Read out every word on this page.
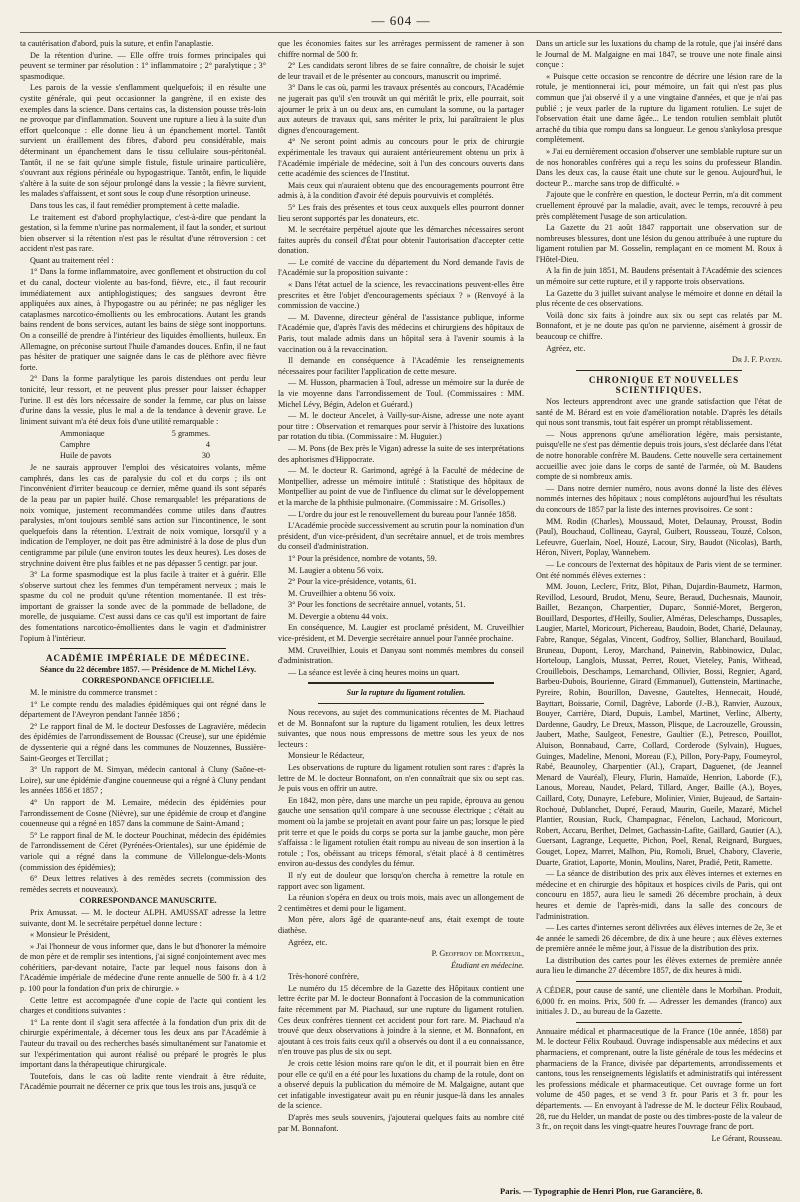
— 604 —

ta cautérisation d'abord, puis la suture, et enfin l'anaplastie.

De la rétention d'urine. — Elle offre trois formes principales qui peuvent se terminer par résolution : 1° inflammatoire ; 2° paralytique ; 3° spasmodique.

Les parois de la vessie s'enflamment quelquefois; il en résulte une cystite générale, qui peut occasionner la gangrène, il en existe des exemples dans la science. Dans certains cas, la distension pousse très-loin ne provoque par d'inflammation. Souvent une rupture a lieu à la suite d'un effort quelconque : elle donne lieu à un épanchement mortel. Tantôt survient un éraillement des fibres, d'abord peu considérable, mais déterminant un épanchement dans le tissu cellulaire sous-péritonéal. Tantôt, il ne se fait qu'une simple fistule, fistule urinaire particulière, s'ouvrant aux régions périnéale ou hypogastrique. Tantôt, enfin, le liquide s'altère à la suite de son séjour prolongé dans la vessie ; la fièvre survient, les malades s'affaissent, et sont sous le coup d'une résorption urineuse.

Dans tous les cas, il faut remédier promptement à cette maladie.

Le traitement est d'abord prophylactique, c'est-à-dire que pendant la gestation, si la femme n'urine pas normalement, il faut la sonder, et surtout bien observer si la rétention n'est pas le résultat d'une rétroversion : cet accident n'est pas rare.

Quant au traitement réel :

1° Dans la forme inflammatoire, avec gonflement et obstruction du col et du canal, docteur violente au bas-fond, fièvre, etc., il faut recourir immédiatement aux antiphlogistiques; des sangsues devront être appliquées aux aines, à l'hypogastre ou au périnée; ne pas négliger les cataplasmes narcotico-émollients ou les embrocations. Autant les grands bains rendent de bons services, autant les bains de siège sont inopportuns. On a conseillé de prendre à l'intérieur des liquides émollients, huileux. En Allemagne, on préconise surtout l'huile d'amandes douces. Enfin, il ne faut pas hésiter de pratiquer une saignée dans le cas de pléthore avec fièvre forte.

2° Dans la forme paralytique les parois distendues ont perdu leur tonicité, leur ressort, et ne peuvent plus presser pour laisser échapper l'urine. Il est dès lors nécessaire de sonder la femme, car plus on laisse d'urine dans la vessie, plus le mal a de la tendance à devenir grave. Le liniment suivant m'a été deux fois d'une utilité remarquable :

Ammoniaque	5 grammes.
Camphre	4
Huile de pavots	30

Je ne saurais approuver l'emploi des vésicatoires volants, même camphrés, dans les cas de paralysie du col et du corps ; ils ont l'inconvénient d'irriter beaucoup ce dernier, même quand ils sont séparés de la peau par un papier huilé. Chose remarquable! les préparations de noix vomique, justement recommandées comme utiles dans d'autres paralysies, m'ont toujours semblé sans action sur l'incontinence, le sont quelquefois dans la rétention. L'extrait de noix vomique, lorsqu'il y a indication de l'employer, ne doit pas être administré à la dose de plus d'un centigramme par pilule (une environ toutes les deux heures). Les doses de strychnine doivent être plus faibles et ne pas dépasser 5 centigr. par jour.

3° La forme spasmodique est la plus facile à traiter et à guérir. Elle s'observe surtout chez les femmes d'un tempérament nerveux ; mais le spasme du col ne produit qu'une rétention momentanée. Il est très-important de graisser la sonde avec de la pommade de belladone, de morelle, de jusquiame. C'est aussi dans ce cas qu'il est important de faire des fomentations narcotico-émollientes dans le vagin et d'administrer l'opium à l'intérieur.

ACADÉMIE IMPÉRIALE DE MÉDECINE.

Séance du 22 décembre 1857. — Présidence de M. Michel Lévy.

CORRESPONDANCE OFFICIELLE.

M. le ministre du commerce transmet :

1° Le compte rendu des maladies épidémiques qui ont régné dans le département de l'Aveyron pendant l'année 1856 ;

2° Le rapport final de M. le docteur Desfosses de Lagravière, médecin des épidémies de l'arrondissement de Boussac (Creuse), sur une épidémie de dyssenterie qui a régné dans les communes de Nouzennes, Bussière-Saint-Georges et Tercillat ;

3° Un rapport de M. Simyan, médecin cantonal à Cluny (Saône-et-Loire), sur une épidémie d'angine couenneuse qui a régné à Cluny pendant les années 1856 et 1857 ;

4° Un rapport de M. Lemaire, médecin des épidémies pour l'arrondissement de Cosne (Nièvre), sur une épidémie de croup et d'angine couenneuse qui a régné en 1857 dans la commune de Saint-Amand ;

5° Le rapport final de M. le docteur Pouchinat, médecin des épidémies de l'arrondissement de Céret (Pyrénées-Orientales), sur une épidémie de variole qui a régné dans la commune de Villelongue-dels-Monts (commission des épidémies);

6° Deux lettres relatives à des remèdes secrets (commission des remèdes secrets et nouveaux).

CORRESPONDANCE MANUSCRITE.

Prix Amussat. — M. le docteur ALPH. AMUSSAT adresse la lettre suivante, dont M. le secrétaire perpétuel donne lecture :

« Monsieur le Président,

» J'ai l'honneur de vous informer que, dans le but d'honorer la mémoire de mon père et de remplir ses intentions, j'ai signé conjointement avec mes cohéritiers, par-devant notaire, l'acte par lequel nous faisons don à l'Académie impériale de médecine d'une rente annuelle de 500 fr. à 4 1/2 p. 100 pour la fondation d'un prix de chirurgie. »

Cette lettre est accompagnée d'une copie de l'acte qui contient les charges et conditions suivantes :

1° La rente dont il s'agit sera affectée à la fondation d'un prix dit de chirurgie expérimentale, à décerner tous les deux ans par l'Académie à l'auteur du travail ou des recherches basés simultanément sur l'anatomie et sur l'expérimentation qui auront réalisé ou préparé le progrès le plus important dans la thérapeutique chirurgicale.

Toutefois, dans le cas où ladite rente viendrait à être réduite, l'Académie pourrait ne décerner ce prix que tous les trois ans, jusqu'à ce

que les économies faites sur les arrérages permissent de ramener à son chiffre normal de 500 fr.

2° Les candidats seront libres de se faire connaître, de choisir le sujet de leur travail et de le présenter au concours, manuscrit ou imprimé.

3° Dans le cas où, parmi les travaux présentés au concours, l'Académie ne jugerait pas qu'il s'en trouvât un qui méritât le prix, elle pourrait, soit ajourner le prix à un ou deux ans, en cumulant la somme, ou la partager aux auteurs de travaux qui, sans mériter le prix, lui paraîtraient le plus dignes d'encouragement.

4° Ne seront point admis au concours pour le prix de chirurgie expérimentale les travaux qui auraient antérieurement obtenu un prix à l'Académie impériale de médecine, soit à l'un des concours ouverts dans cette académie des sciences de l'Institut.

Mais ceux qui n'auraient obtenu que des encouragements pourront être admis à, à la condition d'avoir été depuis pourvuivis et complétés.

5° Les frais des présentes et tous ceux auxquels elles pourront donner lieu seront supportés par les donateurs, etc.

M. le secrétaire perpétuel ajoute que les démarches nécessaires seront faites auprès du conseil d'État pour obtenir l'autorisation d'accepter cette donation.

— Le comité de vaccine du département du Nord demande l'avis de l'Académie sur la proposition suivante :

« Dans l'état actuel de la science, les revaccinations peuvent-elles être prescrites et être l'objet d'encouragements spéciaux ? » (Renvoyé à la commission de vaccine.)

— M. Davenne, directeur général de l'assistance publique, informe l'Académie que, d'après l'avis des médecins et chirurgiens des hôpitaux de Paris, tout malade admis dans un hôpital sera à l'avenir soumis à la vaccination ou à la revaccination.

Il demande en conséquence à l'Académie les renseignements nécessaires pour faciliter l'application de cette mesure.

— M. Husson, pharmacien à Toul, adresse un mémoire sur la durée de la vie moyenne dans l'arrondissement de Toul. (Commissaires : MM. Michel Lévy, Bégin, Adelon et Guérard.)

— M. le docteur Ancelet, à Vailly-sur-Aisne, adresse une note ayant pour titre : Observation et remarques pour servir à l'histoire des luxations par rotation du tibia. (Commissaire : M. Huguier.)

— M. Pons (de Bex près le Vigan) adresse la suite de ses interprétations des aphorismes d'Hippocrate.

— M. le docteur R. Garimond, agrégé à la Faculté de médecine de Montpellier, adresse un mémoire intitulé : Statistique des hôpitaux de Montpellier au point de vue de l'influence du climat sur le développement et la marche de la phthisie pulmonaire. (Commissaire : M. Grisolles.)

— L'ordre du jour est le renouvellement du bureau pour l'année 1858.

L'Académie procède successivement au scrutin pour la nomination d'un président, d'un vice-président, d'un secrétaire annuel, et de trois membres du conseil d'administration.

1° Pour la présidence, nombre de votants, 59.

M. Laugier a obtenu 56 voix.

2° Pour la vice-présidence, votants, 61.

M. Cruveilhier a obtenu 56 voix.

3° Pour les fonctions de secrétaire annuel, votants, 51.

M. Devergie a obtenu 44 voix.

En conséquence, M. Laugier est proclamé président, M. Cruveilhier vice-président, et M. Devergie secrétaire annuel pour l'année prochaine.

MM. Cruveilhier, Louis et Danyau sont nommés membres du conseil d'administration.

— La séance est levée à cinq heures moins un quart.

Sur la rupture du ligament rotulien.

Nous recevons, au sujet des communications récentes de M. Piachaud et de M. Bonnafont sur la rupture du ligament rotulien, les deux lettres suivantes, que nous nous empressons de mettre sous les yeux de nos lecteurs :

Monsieur le Rédacteur,

Les observations de rupture du ligament rotulien sont rares : d'après la lettre de M. le docteur Bonnafont, on n'en connaîtrait que six ou sept cas. Je puis vous en offrir un autre.

En 1842, mon père, dans une marche un peu rapide, éprouva au genou gauche une sensation qu'il compare à une secousse électrique ; c'était au moment où la jambe se projetait en avant pour faire un pas; lorsque le pied prit terre et que le poids du corps se porta sur la jambe gauche, mon père s'affaissa : le ligament rotulien était rompu au niveau de son insertion à la rotule ; l'os, obéissant au triceps fémoral, s'était placé à 8 centimètres environ au-dessus des condyles du fémur.

Il n'y eut de douleur que lorsqu'on chercha à remettre la rotule en rapport avec son ligament.

La réunion s'opéra en deux ou trois mois, mais avec un allongement de 2 centimètres et demi pour le ligament.

Mon père, alors âgé de quarante-neuf ans, était exempt de toute diathèse.

Agréez, etc.

P. Geoffroy de Montreuil,

Étudiant en médecine.

Très-honoré confrère,

Le numéro du 15 décembre de la Gazette des Hôpitaux contient une lettre écrite par M. le docteur Bonnafont à l'occasion de la communication faite récemment par M. Piachaud, sur une rupture du ligament rotulien. Ces deux confrères tiennent cet accident pour fort rare. M. Piachaud n'a trouvé que deux observations à joindre à la sienne, et M. Bonnafont, en ajoutant à ces trois faits ceux qu'il a observés ou dont il a eu connaissance, n'en trouve pas plus de six ou sept.

Je crois cette lésion moins rare qu'on le dit, et il pourrait bien en être pour elle ce qu'il en a été pour les luxations du champ de la rotule, dont on a observé depuis la publication du mémoire de M. Malgaigne, autant que cet infatigable investigateur avait pu en réunir jusque-là dans les annales de la science.

D'après mes seuls souvenirs, j'ajouterai quelques faits au nombre cité par M. Bonnafont.

Dans un article sur les luxations du champ de la rotule, que j'ai inséré dans le Journal de M. Malgaigne en mai 1847, se trouve une note finale ainsi conçue :

« Puisque cette occasion se rencontre de décrire une lésion rare de la rotule, je mentionnerai ici, pour mémoire, un fait qui n'est pas plus commun que j'ai observé il y a une vingtaine d'années, et que je n'ai pas publié ; je veux parler de la rupture du ligament rotulien. Le sujet de l'observation était une dame âgée... Le tendon rotulien semblait plutôt arraché du tibia que rompu dans sa longueur. Le genou s'ankylosa presque complètement.

» J'ai eu dernièrement occasion d'observer une semblable rupture sur un de nos honorables confrères qui a reçu les soins du professeur Blandin. Dans les deux cas, la cause était une chute sur le genou. Aujourd'hui, le docteur P... marche sans trop de difficulté. »

J'ajoute que le confrère en question, le docteur Perrin, m'a dit comment cruellement éprouvé par la maladie, avait, avec le temps, recouvré à peu près complètement l'usage de son articulation.

La Gazette du 21 août 1847 rapportait une observation sur de nombreuses blessures, dont une lésion du genou attribuée à une rupture du ligament rotulien par M. Gosselin, remplaçant en ce moment M. Roux à l'Hôtel-Dieu.

A la fin de juin 1851, M. Baudens présentait à l'Académie des sciences un mémoire sur cette rupture, et il y rapporte trois observations.

La Gazette du 3 juillet suivant analyse le mémoire et donne en détail la plus récente de ces observations.

Voilà donc six faits à joindre aux six ou sept cas relatés par M. Bonnafont, et je ne doute pas qu'on ne parvienne, aisément à grossir de beaucoup ce chiffre.

Agréez, etc.

Dr J. F. Payen.

CHRONIQUE ET NOUVELLES SCIENTIFIQUES.

Nos lecteurs apprendront avec une grande satisfaction que l'état de santé de M. Bérard est en voie d'amélioration notable. D'après les détails qui nous sont transmis, tout fait espérer un prompt rétablissement.

— Nous apprenons qu'une amélioration légère, mais persistante, puisqu'elle ne s'est pas démentie depuis trois jours, s'est déclarée dans l'état de notre honorable confrère M. Baudens. Cette nouvelle sera certainement accueillie avec joie dans le corps de santé de l'armée, où M. Baudens compte de si nombreux amis.

— Dans notre dernier numéro, nous avons donné la liste des élèves nommés internes des hôpitaux ; nous complétons aujourd'hui les résultats du concours de 1857 par la liste des internes provisoires. Ce sont :

MM. Rodin (Charles), Moussaud, Motet, Delaunay, Prousst, Bodin (Paul), Bouchaud, Collineau, Gayral, Guibert, Rousseau, Touzé, Colson, Lefeuvre, Guerlain, Noel, Houzé, Lacour, Siry, Baudot (Nicolas), Barth, Héron, Nivert, Poplay, Wannebem.

— Le concours de l'externat des hôpitaux de Paris vient de se terminer. Ont été nommés élèves externes :

MM. Jouon, Leclerc, Fritz, Blot, Pihan, Dujardin-Baumetz, Harmon, Revillod, Lesourd, Brudot, Menu, Seure, Beraud, Duchesnais, Maunoir, Baillet, Bezançon, Charpentier, Duparc, Sonnié-Moret, Bergeron, Bouillard, Desportes, d'Heilly, Soulier, Alméras, Deleschamps, Dussaples, Laugier, Martel, Moricourt, Pichereau, Baudoin, Bodet, Charié, Delaunay, Fabre, Ranque, Ségalas, Vincent, Godfroy, Sollier, Blanchard, Bouilaud, Bruneau, Dupont, Leroy, Marchand, Painetvin, Rabbinowicz, Dulac, Horteloup, Langlois, Mussat, Perret, Rouet, Vieteley, Panis, Withead, Crouillebois, Deschamps, Lemarchand, Ollivier, Bossi, Regnier, Agard, Barbeu-Dubois, Bourienne, Girard (Emmanuel), Guttenstein, Martinache, Pyreire, Robin, Bourillon, Davesne, Gauteltes, Hennecait, Houdé, Bayttart, Boissarie, Cornil, Dagrève, Laborde (J.-B.), Ranvier, Auzoux, Bouyer, Carrière, Diard, Dupuis, Lambel, Martinet, Verlinc, Alberty, Dardenne, Gaudry, Le Dreux, Masson, Plisque, de Lacrouzelle, Groussin, Jaubert, Mathe, Saulgeot, Fenestre, Gaultier (E.), Petresco, Pouillot, Aluison, Bonnabaud, Carre, Collard, Corderode (Sylvain), Hugues, Guinges, Madeline, Menoni, Moreau (F.), Pillon, Pory-Papy, Foumeyrol, Rabé, Beaunoley, Charpentier (Al.), Crapart, Daguenet, (de Jeannel Menard de Vauréal), Fleury, Flurin, Hamaïde, Henrion, Laborde (F.), Lanous, Moreau, Naudet, Pelard, Tillard, Anger, Baille (A.), Boyes, Caillard, Coty, Dunayre, Lefebure, Molinier, Vinier, Bujeaud, de Sartain-Rochoué, Dublanchet, Dupré, Feraud, Maurin, Gueile, Mazaré, Michel Plantier, Rousian, Ruck, Champagnac, Fénelon, Lachaud, Moricourt, Robert, Accaru, Berthet, Delmet, Gachassin-Lafite, Gaillard, Gautier (A.), Guersant, Lagrange, Lequette, Pichon, Poel, Renal, Reignard, Burgues, Gouget, Lopez, Marret, Malhon, Piu, Romoli, Bruel, Chabory, Claverie, Duarte, Gratiot, Laporte, Monin, Moulins, Naret, Pradié, Petit, Ramette.

— La séance de distribution des prix aux élèves internes et externes en médecine et en chirurgie des hôpitaux et hospices civils de Paris, qui ont concouru en 1857, aura lieu le samedi 26 décembre prochain, à deux heures et demie de l'après-midi, dans la salle des concours de l'administration.

— Les cartes d'internes seront délivrées aux élèves internes de 2e, 3e et 4e année le samedi 26 décembre, de dix à une heure ; aux élèves externes de première année le même jour, à l'issue de la distribution des prix.

La distribution des cartes pour les élèves externes de première année aura lieu le dimanche 27 décembre 1857, de dix heures à midi.

A CÉDER, pour cause de santé, une clientèle dans le Morbihan. Produit, 6,000 fr. en moins. Prix, 500 fr. — Adresser les demandes (franco) aux initiales J. D., au bureau de la Gazette.

Annuaire médical et pharmaceutique de la France (10e année, 1858) par M. le docteur Félix Roubaud. Ouvrage indispensable aux médecins et aux pharmaciens, et comprenant, outre la liste générale de tous les médecins et pharmaciens de la France, divisée par départements, arrondissements et cantons, tous les renseignements législatifs et administratifs qui intéressent les professions médicale et pharmaceutique. Cet ouvrage forme un fort volume de 450 pages, et se vend 3 fr. pour Paris et 3 fr. pour les départements. — En envoyant à l'adresse de M. le docteur Félix Roubaud, 28, rue du Helder, un mandat de poste ou des timbres-poste de la valeur de 3 fr., on reçoit dans les vingt-quatre heures l'ouvrage franc de port.

Le Gérant, Rousseau.

Paris. — Typographie de Henri Plon, rue Garancière, 8.
